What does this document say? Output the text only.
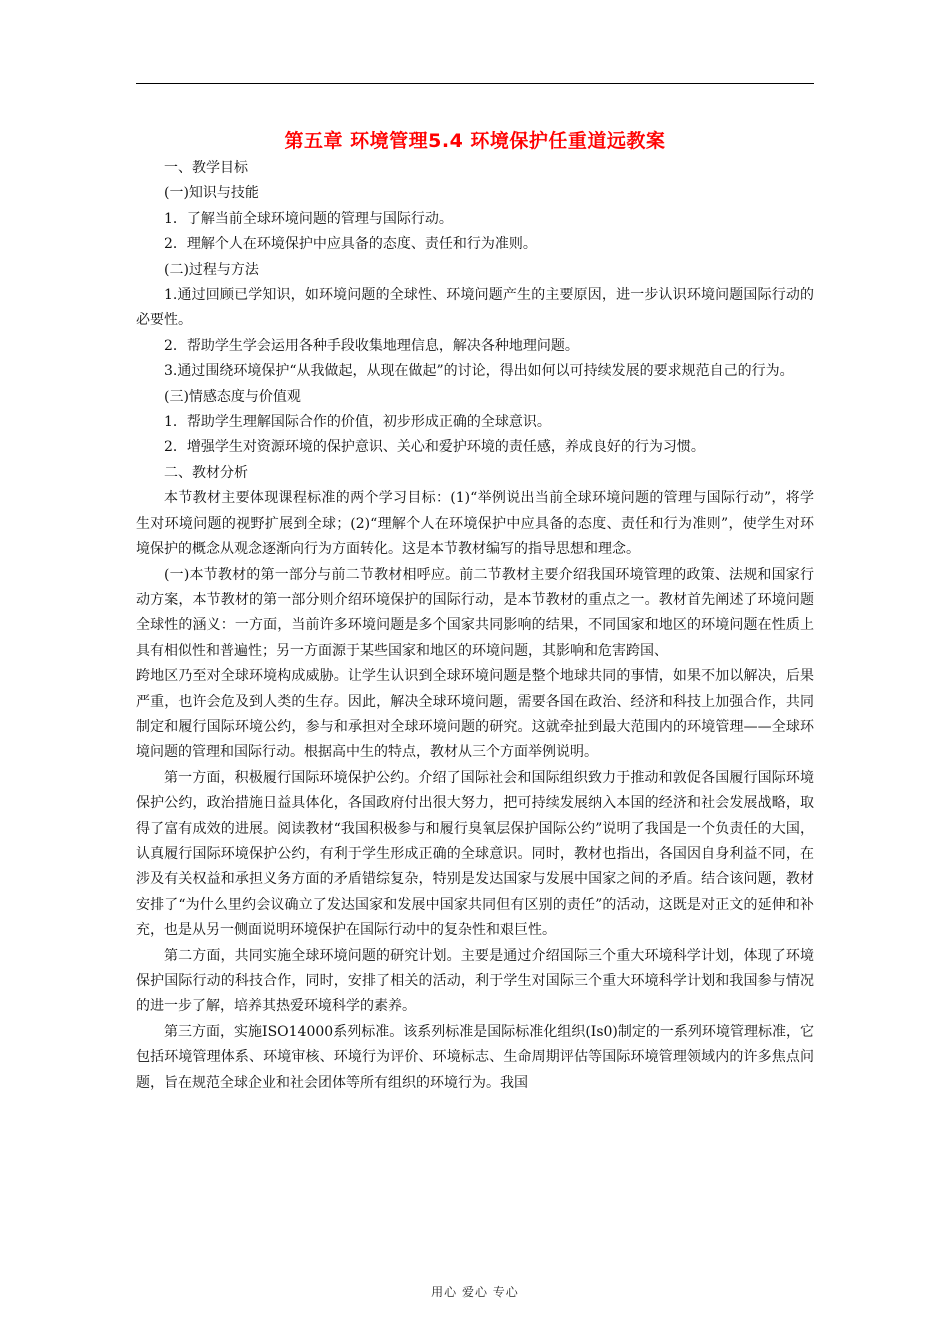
第五章 环境管理5.4 环境保护任重道远教案

一、教学目标

(一)知识与技能

1．了解当前全球环境问题的管理与国际行动。

2．理解个人在环境保护中应具备的态度、责任和行为准则。

(二)过程与方法

1.通过回顾已学知识，如环境问题的全球性、环境问题产生的主要原因，进一步认识环境问题国际行动的必要性。

2．帮助学生学会运用各种手段收集地理信息，解决各种地理问题。

3.通过围绕环境保护“从我做起，从现在做起”的讨论，得出如何以可持续发展的要求规范自己的行为。

(三)情感态度与价值观

1．帮助学生理解国际合作的价值，初步形成正确的全球意识。

2．增强学生对资源环境的保护意识、关心和爱护环境的责任感，养成良好的行为习惯。

二、教材分析

本节教材主要体现课程标准的两个学习目标：(1)“举例说出当前全球环境问题的管理与国际行动”，将学生对环境问题的视野扩展到全球；(2)“理解个人在环境保护中应具备的态度、责任和行为准则”，使学生对环境保护的概念从观念逐渐向行为方面转化。这是本节教材编写的指导思想和理念。

(一)本节教材的第一部分与前二节教材相呼应。前二节教材主要介绍我国环境管理的政策、法规和国家行动方案，本节教材的第一部分则介绍环境保护的国际行动，是本节教材的重点之一。教材首先阐述了环境问题全球性的涵义：一方面，当前许多环境问题是多个国家共同影响的结果，不同国家和地区的环境问题在性质上具有相似性和普遍性；另一方面源于某些国家和地区的环境问题，其影响和危害跨国、

跨地区乃至对全球环境构成威胁。让学生认识到全球环境问题是整个地球共同的事情，如果不加以解决，后果严重，也许会危及到人类的生存。因此，解决全球环境问题，需要各国在政治、经济和科技上加强合作，共同制定和履行国际环境公约，参与和承担对全球环境问题的研究。这就牵扯到最大范围内的环境管理——全球环境问题的管理和国际行动。根据高中生的特点，教材从三个方面举例说明。

第一方面，积极履行国际环境保护公约。介绍了国际社会和国际组织致力于推动和敦促各国履行国际环境保护公约，政治措施日益具体化，各国政府付出很大努力，把可持续发展纳入本国的经济和社会发展战略，取得了富有成效的进展。阅读教材“我国积极参与和履行臭氧层保护国际公约”说明了我国是一个负责任的大国，认真履行国际环境保护公约，有利于学生形成正确的全球意识。同时，教材也指出，各国因自身利益不同，在涉及有关权益和承担义务方面的矛盾错综复杂，特别是发达国家与发展中国家之间的矛盾。结合该问题，教材安排了“为什么里约会议确立了发达国家和发展中国家共同但有区别的责任”的活动，这既是对正文的延伸和补充，也是从另一侧面说明环境保护在国际行动中的复杂性和艰巨性。

第二方面，共同实施全球环境问题的研究计划。主要是通过介绍国际三个重大环境科学计划，体现了环境保护国际行动的科技合作，同时，安排了相关的活动，利于学生对国际三个重大环境科学计划和我国参与情况的进一步了解，培养其热爱环境科学的素养。

第三方面，实施ISO14000系列标准。该系列标准是国际标准化组织(Is0)制定的一系列环境管理标准，它包括环境管理体系、环境审核、环境行为评价、环境标志、生命周期评估等国际环境管理领域内的许多焦点问题，旨在规范全球企业和社会团体等所有组织的环境行为。我国

用心 爱心 专心
